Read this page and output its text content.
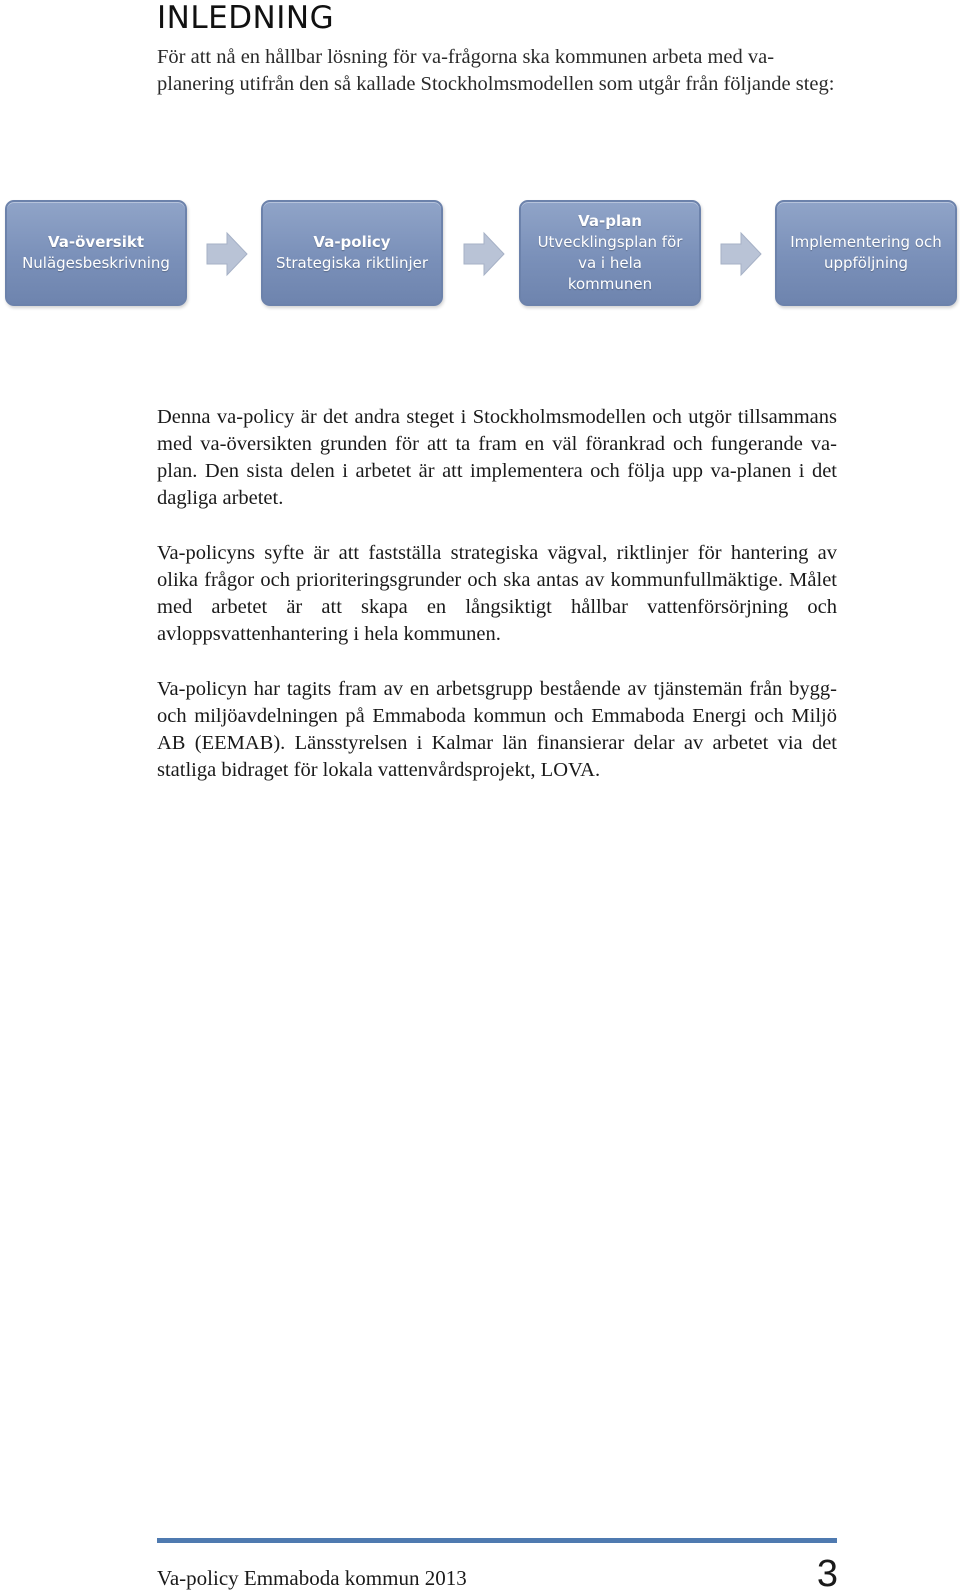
INLEDNING

För att nå en hållbar lösning för va-frågorna ska kommunen arbeta med va-planering utifrån den så kallade Stockholmsmodellen som utgår från följande steg:

Va-översikt
Nulägesbeskrivning
Va-policy
Strategiska riktlinjer
Va-plan
Utvecklingsplan för va i hela kommunen
Implementering och uppföljning

Denna va-policy är det andra steget i Stockholmsmodellen och utgör tillsammans med va-översikten grunden för att ta fram en väl förankrad och fungerande va-plan. Den sista delen i arbetet är att implementera och följa upp va-planen i det dagliga arbetet.

Va-policyns syfte är att fastställa strategiska vägval, riktlinjer för hantering av olika frågor och prioriteringsgrunder och ska antas av kommunfullmäktige. Målet med arbetet är att skapa en långsiktigt hållbar vattenförsörjning och avloppsvattenhantering i hela kommunen.

Va-policyn har tagits fram av en arbetsgrupp bestående av tjänstemän från bygg- och miljöavdelningen på Emmaboda kommun och Emmaboda Energi och Miljö AB (EEMAB). Länsstyrelsen i Kalmar län finansierar delar av arbetet via det statliga bidraget för lokala vattenvårdsprojekt, LOVA.

Va-policy Emmaboda kommun 2013	3
